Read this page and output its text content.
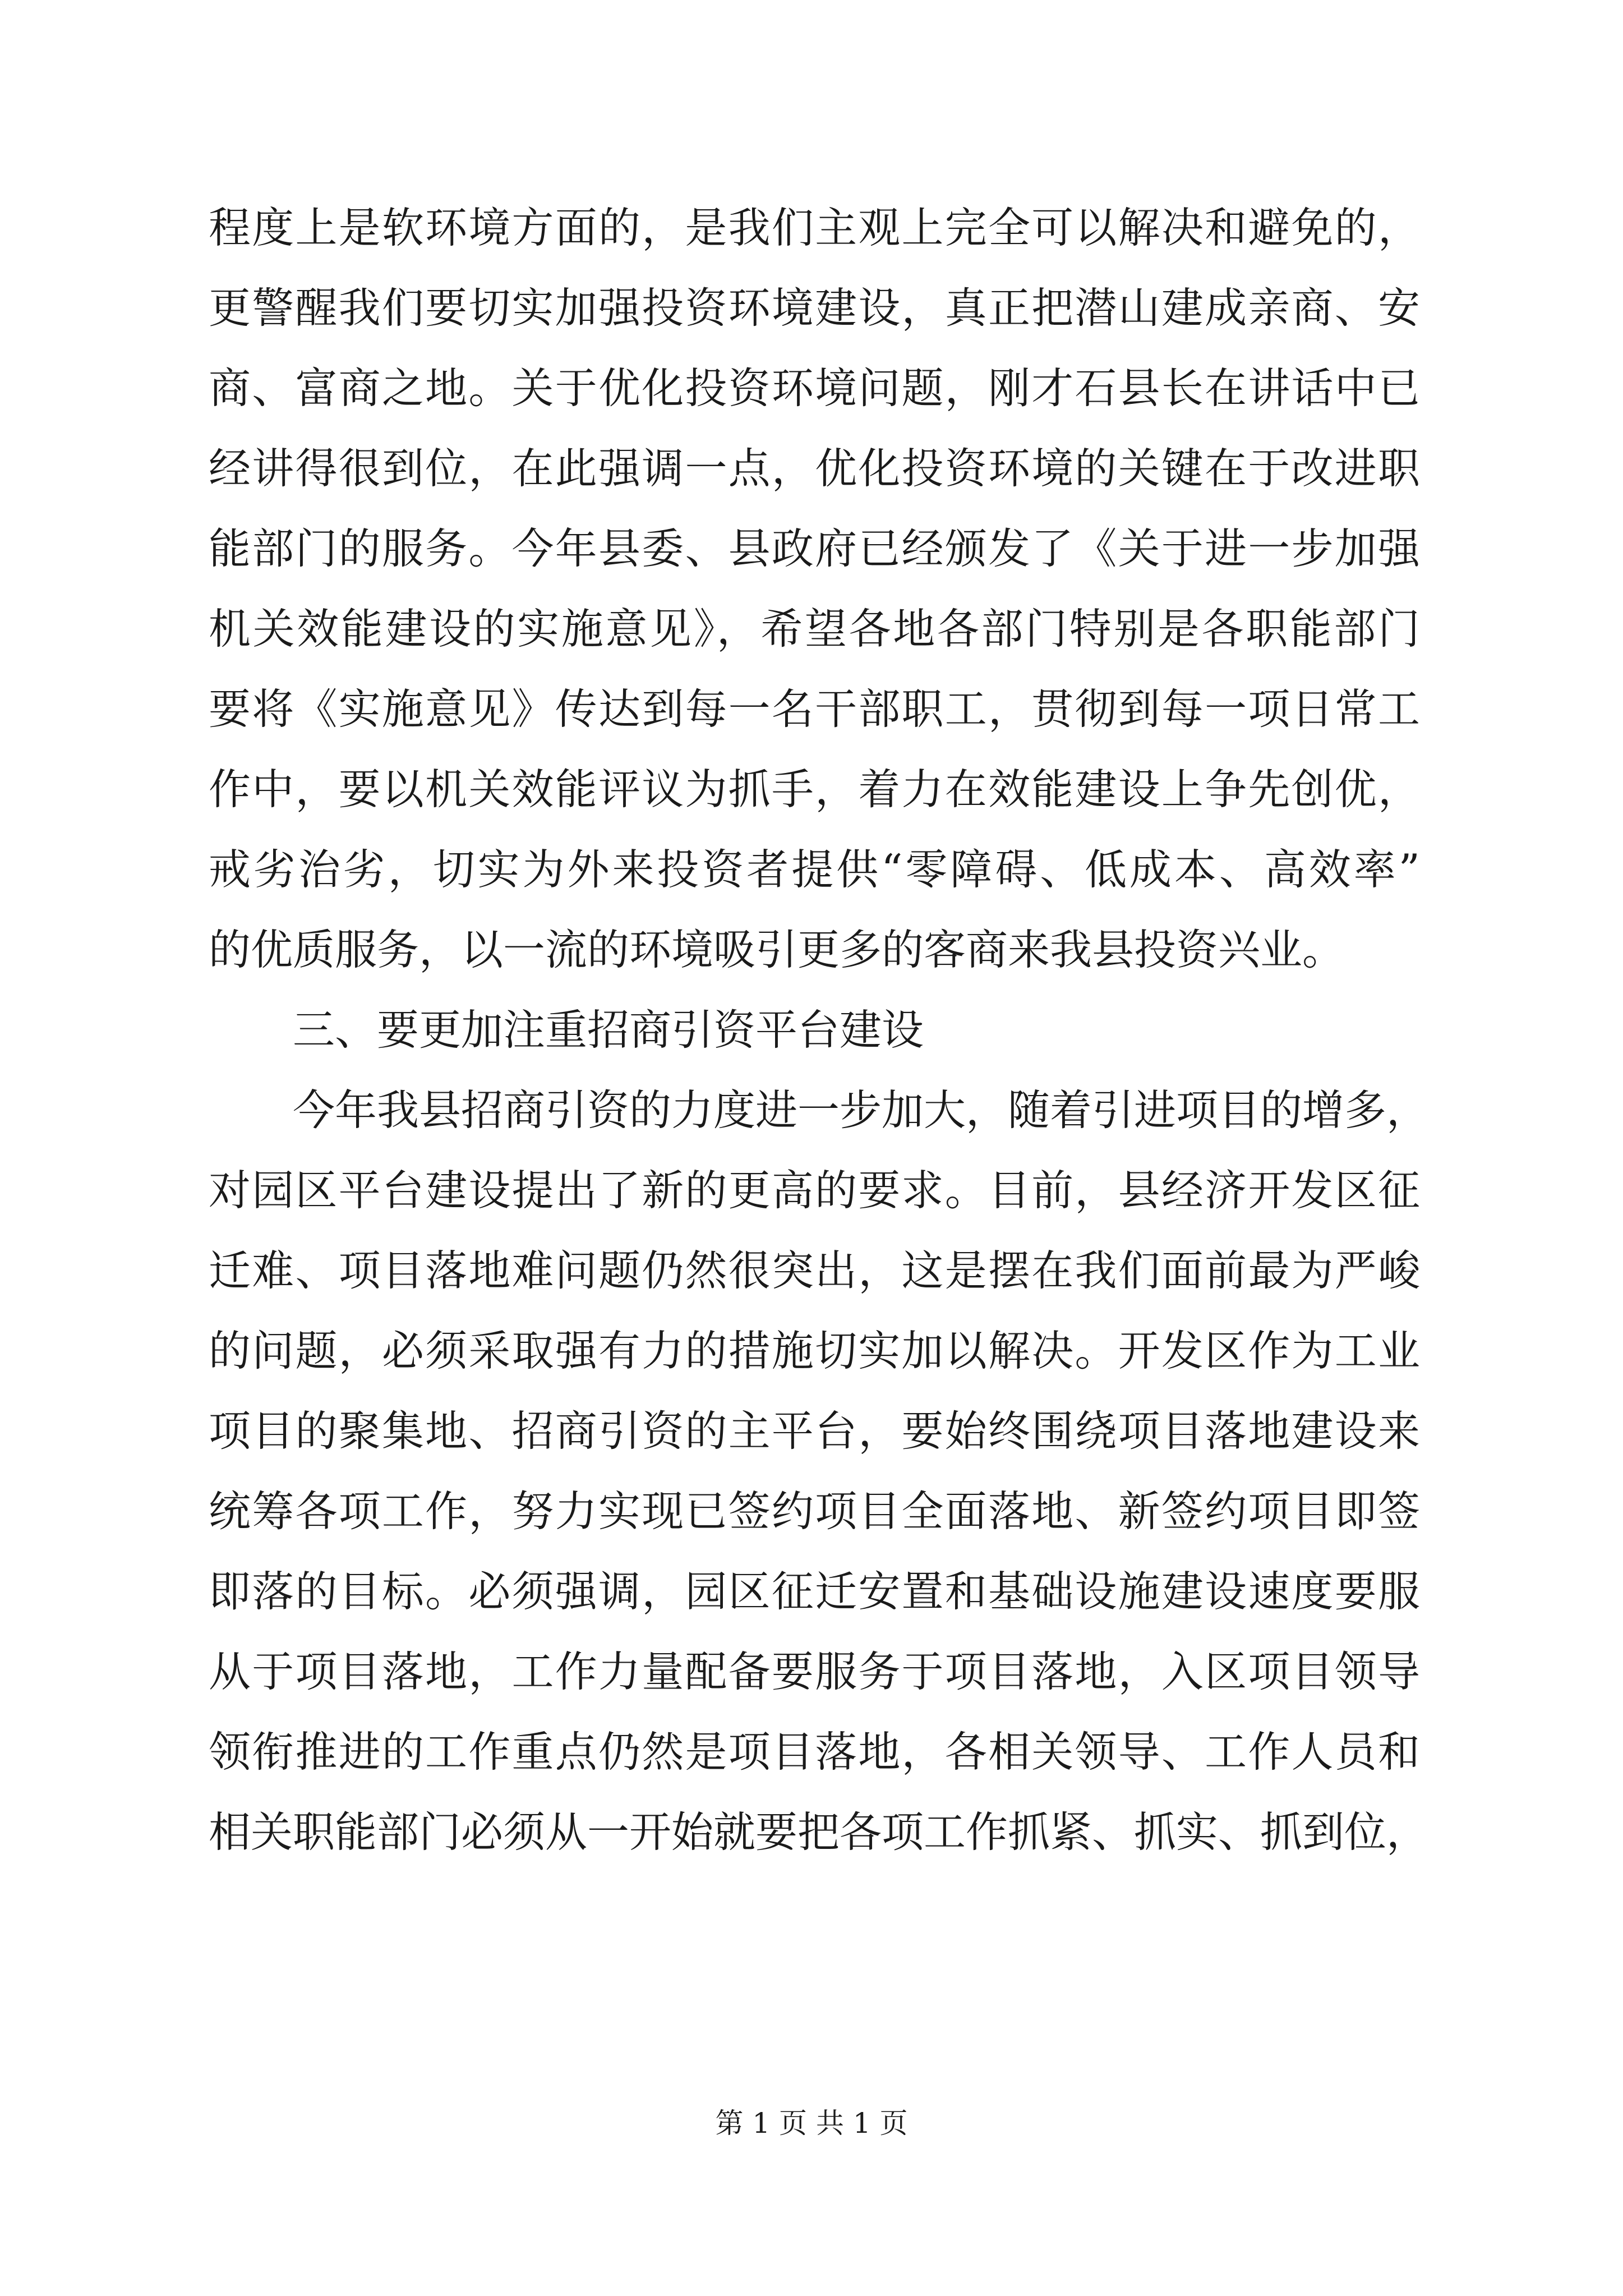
程度上是软环境方面的，是我们主观上完全可以解决和避免的，
更警醒我们要切实加强投资环境建设，真正把潜山建成亲商、安
商、富商之地。关于优化投资环境问题，刚才石县长在讲话中已
经讲得很到位，在此强调一点，优化投资环境的关键在于改进职
能部门的服务。今年县委、县政府已经颁发了《关于进一步加强
机关效能建设的实施意见》，希望各地各部门特别是各职能部门
要将《实施意见》传达到每一名干部职工，贯彻到每一项日常工
作中，要以机关效能评议为抓手，着力在效能建设上争先创优，
戒劣治劣，切实为外来投资者提供“零障碍、低成本、高效率”
的优质服务，以一流的环境吸引更多的客商来我县投资兴业。
三、要更加注重招商引资平台建设
今年我县招商引资的力度进一步加大，随着引进项目的增多，
对园区平台建设提出了新的更高的要求。目前，县经济开发区征
迁难、项目落地难问题仍然很突出，这是摆在我们面前最为严峻
的问题，必须采取强有力的措施切实加以解决。开发区作为工业
项目的聚集地、招商引资的主平台，要始终围绕项目落地建设来
统筹各项工作，努力实现已签约项目全面落地、新签约项目即签
即落的目标。必须强调，园区征迁安置和基础设施建设速度要服
从于项目落地，工作力量配备要服务于项目落地，入区项目领导
领衔推进的工作重点仍然是项目落地，各相关领导、工作人员和
相关职能部门必须从一开始就要把各项工作抓紧、抓实、抓到位，
第 1 页 共 1 页
